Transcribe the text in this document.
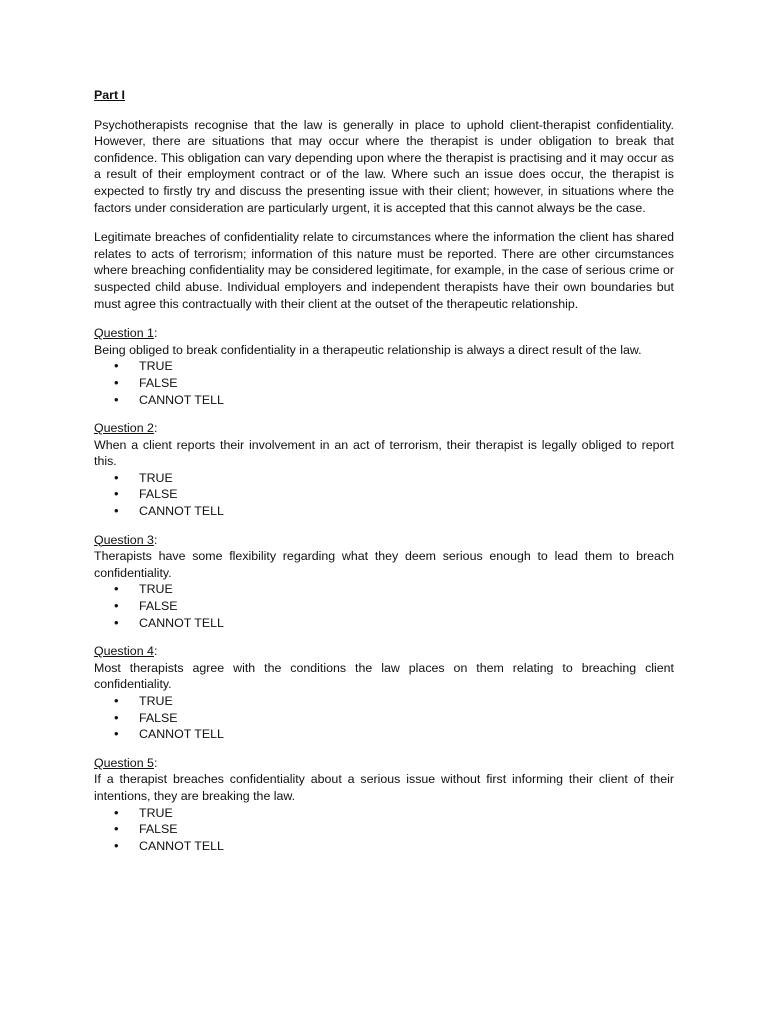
Part I

Psychotherapists recognise that the law is generally in place to uphold client-therapist confidentiality. However, there are situations that may occur where the therapist is under obligation to break that confidence. This obligation can vary depending upon where the therapist is practising and it may occur as a result of their employment contract or of the law. Where such an issue does occur, the therapist is expected to firstly try and discuss the presenting issue with their client; however, in situations where the factors under consideration are particularly urgent, it is accepted that this cannot always be the case.

Legitimate breaches of confidentiality relate to circumstances where the information the client has shared relates to acts of terrorism; information of this nature must be reported. There are other circumstances where breaching confidentiality may be considered legitimate, for example, in the case of serious crime or suspected child abuse. Individual employers and independent therapists have their own boundaries but must agree this contractually with their client at the outset of the therapeutic relationship.

Question 1:

Being obliged to break confidentiality in a therapeutic relationship is always a direct result of the law.

• TRUE
• FALSE
• CANNOT TELL
Question 2:

When a client reports their involvement in an act of terrorism, their therapist is legally obliged to report this.

• TRUE
• FALSE
• CANNOT TELL
Question 3:

Therapists have some flexibility regarding what they deem serious enough to lead them to breach confidentiality.

• TRUE
• FALSE
• CANNOT TELL
Question 4:

Most therapists agree with the conditions the law places on them relating to breaching client confidentiality.

• TRUE
• FALSE
• CANNOT TELL
Question 5:

If a therapist breaches confidentiality about a serious issue without first informing their client of their intentions, they are breaking the law.

• TRUE
• FALSE
• CANNOT TELL
